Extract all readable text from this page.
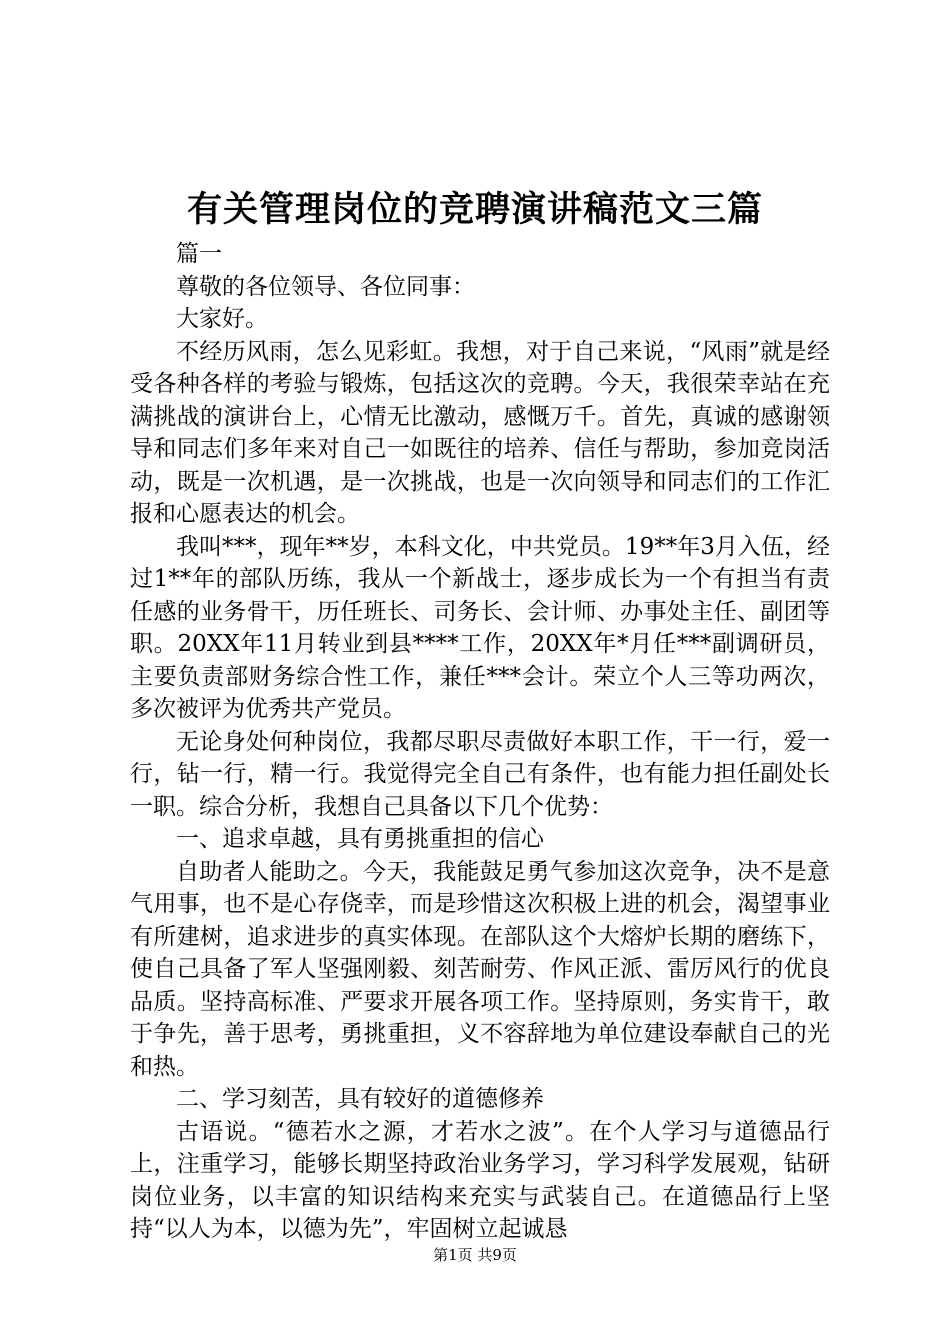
有关管理岗位的竞聘演讲稿范文三篇

篇一

尊敬的各位领导、各位同事：

大家好。

不经历风雨，怎么见彩虹。我想，对于自己来说，“风雨”就是经受各种各样的考验与锻炼，包括这次的竞聘。今天，我很荣幸站在充满挑战的演讲台上，心情无比激动，感慨万千。首先，真诚的感谢领导和同志们多年来对自己一如既往的培养、信任与帮助，参加竞岗活动，既是一次机遇，是一次挑战，也是一次向领导和同志们的工作汇报和心愿表达的机会。

我叫***，现年**岁，本科文化，中共党员。19**年3月入伍，经过1**年的部队历练，我从一个新战士，逐步成长为一个有担当有责任感的业务骨干，历任班长、司务长、会计师、办事处主任、副团等职。20XX年11月转业到县****工作，20XX年*月任***副调研员，主要负责部财务综合性工作，兼任***会计。荣立个人三等功两次，多次被评为优秀共产党员。

无论身处何种岗位，我都尽职尽责做好本职工作，干一行，爱一行，钻一行，精一行。我觉得完全自己有条件，也有能力担任副处长一职。综合分析，我想自己具备以下几个优势：

一、追求卓越，具有勇挑重担的信心

自助者人能助之。今天，我能鼓足勇气参加这次竞争，决不是意气用事，也不是心存侥幸，而是珍惜这次积极上进的机会，渴望事业有所建树，追求进步的真实体现。在部队这个大熔炉长期的磨练下，使自己具备了军人坚强刚毅、刻苦耐劳、作风正派、雷厉风行的优良品质。坚持高标准、严要求开展各项工作。坚持原则，务实肯干，敢于争先，善于思考，勇挑重担，义不容辞地为单位建设奉献自己的光和热。

二、学习刻苦，具有较好的道德修养

古语说。“德若水之源，才若水之波”。在个人学习与道德品行上，注重学习，能够长期坚持政治业务学习，学习科学发展观，钻研岗位业务，以丰富的知识结构来充实与武装自己。在道德品行上坚持“以人为本，以德为先”，牢固树立起诚恳

第1页 共9页
